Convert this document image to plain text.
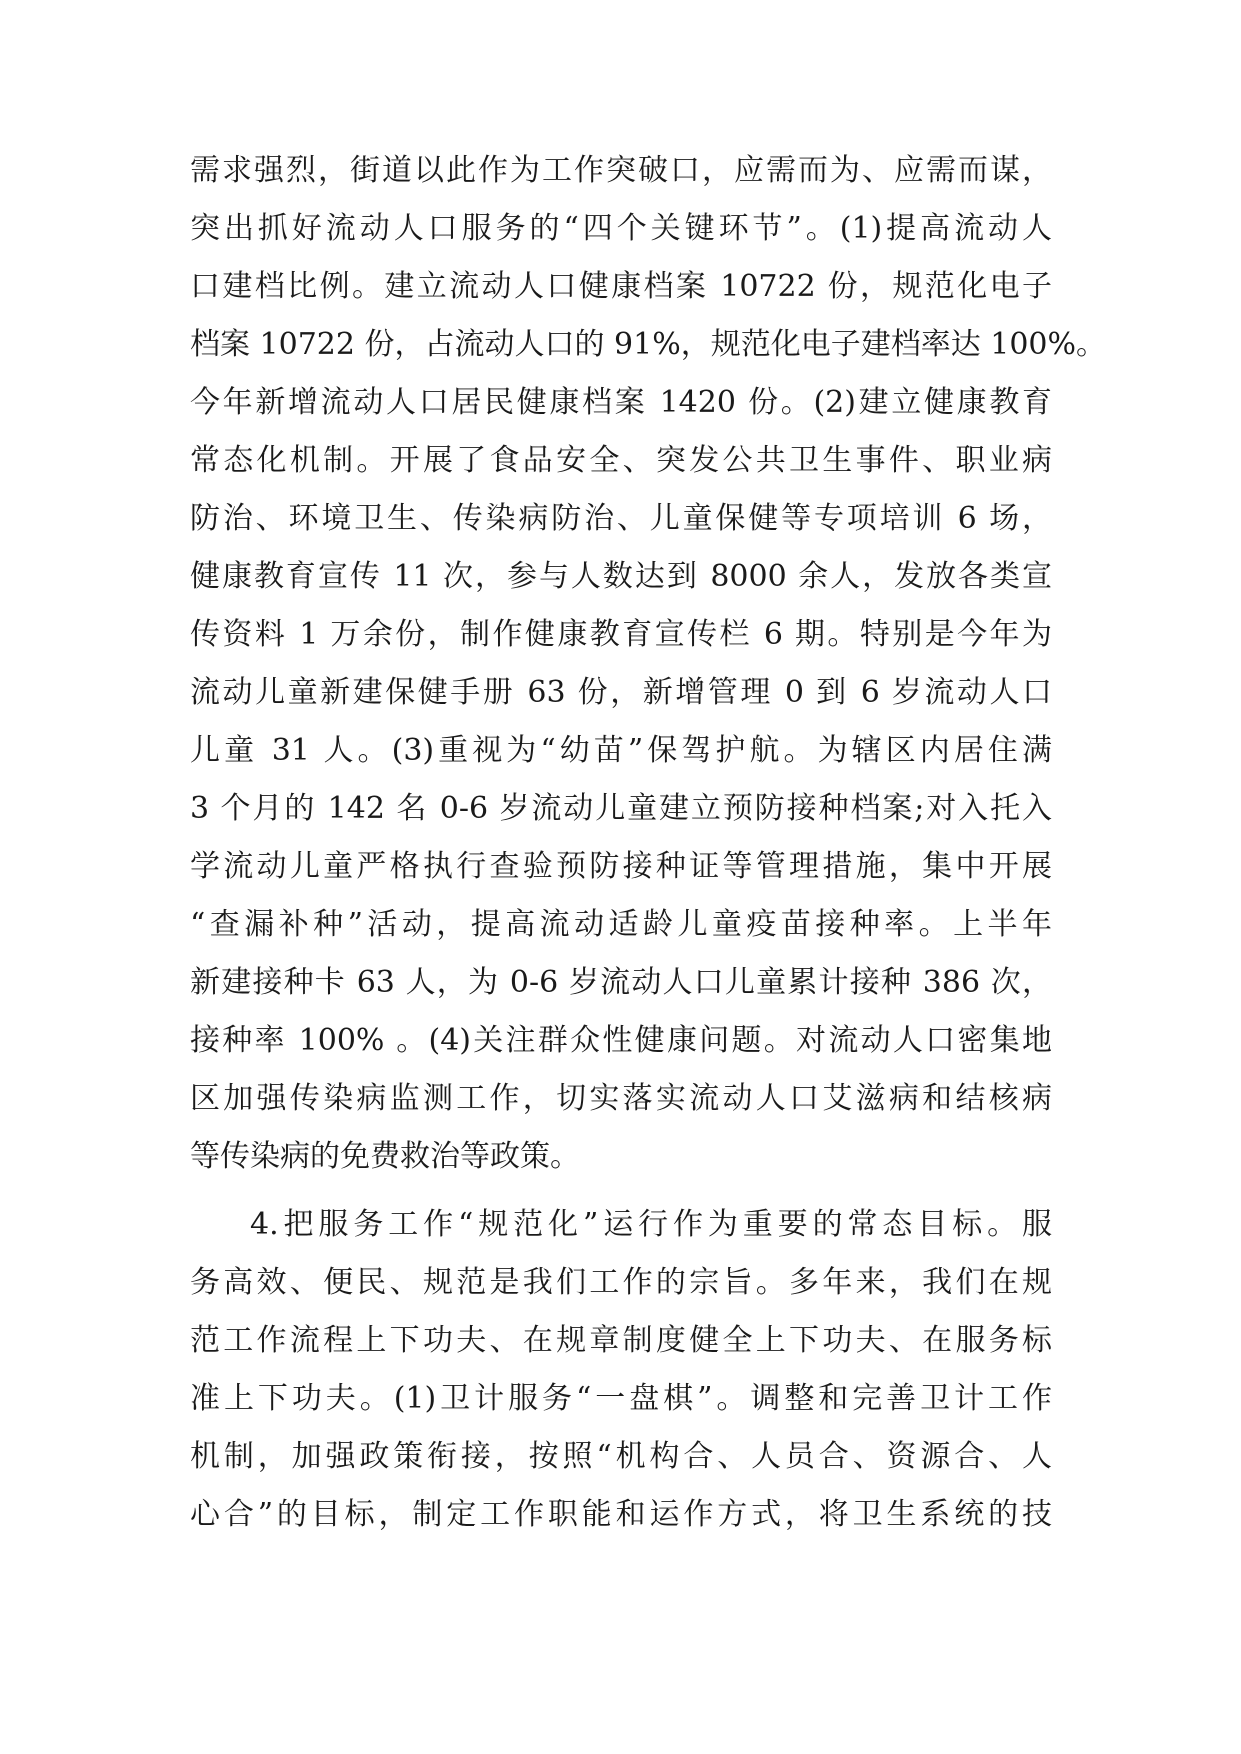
需求强烈，街道以此作为工作突破口，应需而为、应需而谋，
突出抓好流动人口服务的“四个关键环节”。(1)提高流动人
口建档比例。建立流动人口健康档案 10722 份，规范化电子
档案 10722 份，占流动人口的 91%，规范化电子建档率达 100%。
今年新增流动人口居民健康档案 1420 份。(2)建立健康教育
常态化机制。开展了食品安全、突发公共卫生事件、职业病
防治、环境卫生、传染病防治、儿童保健等专项培训 6 场，
健康教育宣传 11 次，参与人数达到 8000 余人，发放各类宣
传资料 1 万余份，制作健康教育宣传栏 6 期。特别是今年为
流动儿童新建保健手册 63 份，新增管理 0 到 6 岁流动人口
儿童 31 人。(3)重视为“幼苗”保驾护航。为辖区内居住满
3 个月的 142 名 0-6 岁流动儿童建立预防接种档案;对入托入
学流动儿童严格执行查验预防接种证等管理措施，集中开展
“查漏补种”活动，提高流动适龄儿童疫苗接种率。上半年
新建接种卡 63 人，为 0-6 岁流动人口儿童累计接种 386 次，
接种率 100% 。(4)关注群众性健康问题。对流动人口密集地
区加强传染病监测工作，切实落实流动人口艾滋病和结核病
等传染病的免费救治等政策。
4.把服务工作“规范化”运行作为重要的常态目标。服
务高效、便民、规范是我们工作的宗旨。多年来，我们在规
范工作流程上下功夫、在规章制度健全上下功夫、在服务标
准上下功夫。(1)卫计服务“一盘棋”。调整和完善卫计工作
机制，加强政策衔接，按照“机构合、人员合、资源合、人
心合”的目标，制定工作职能和运作方式，将卫生系统的技
